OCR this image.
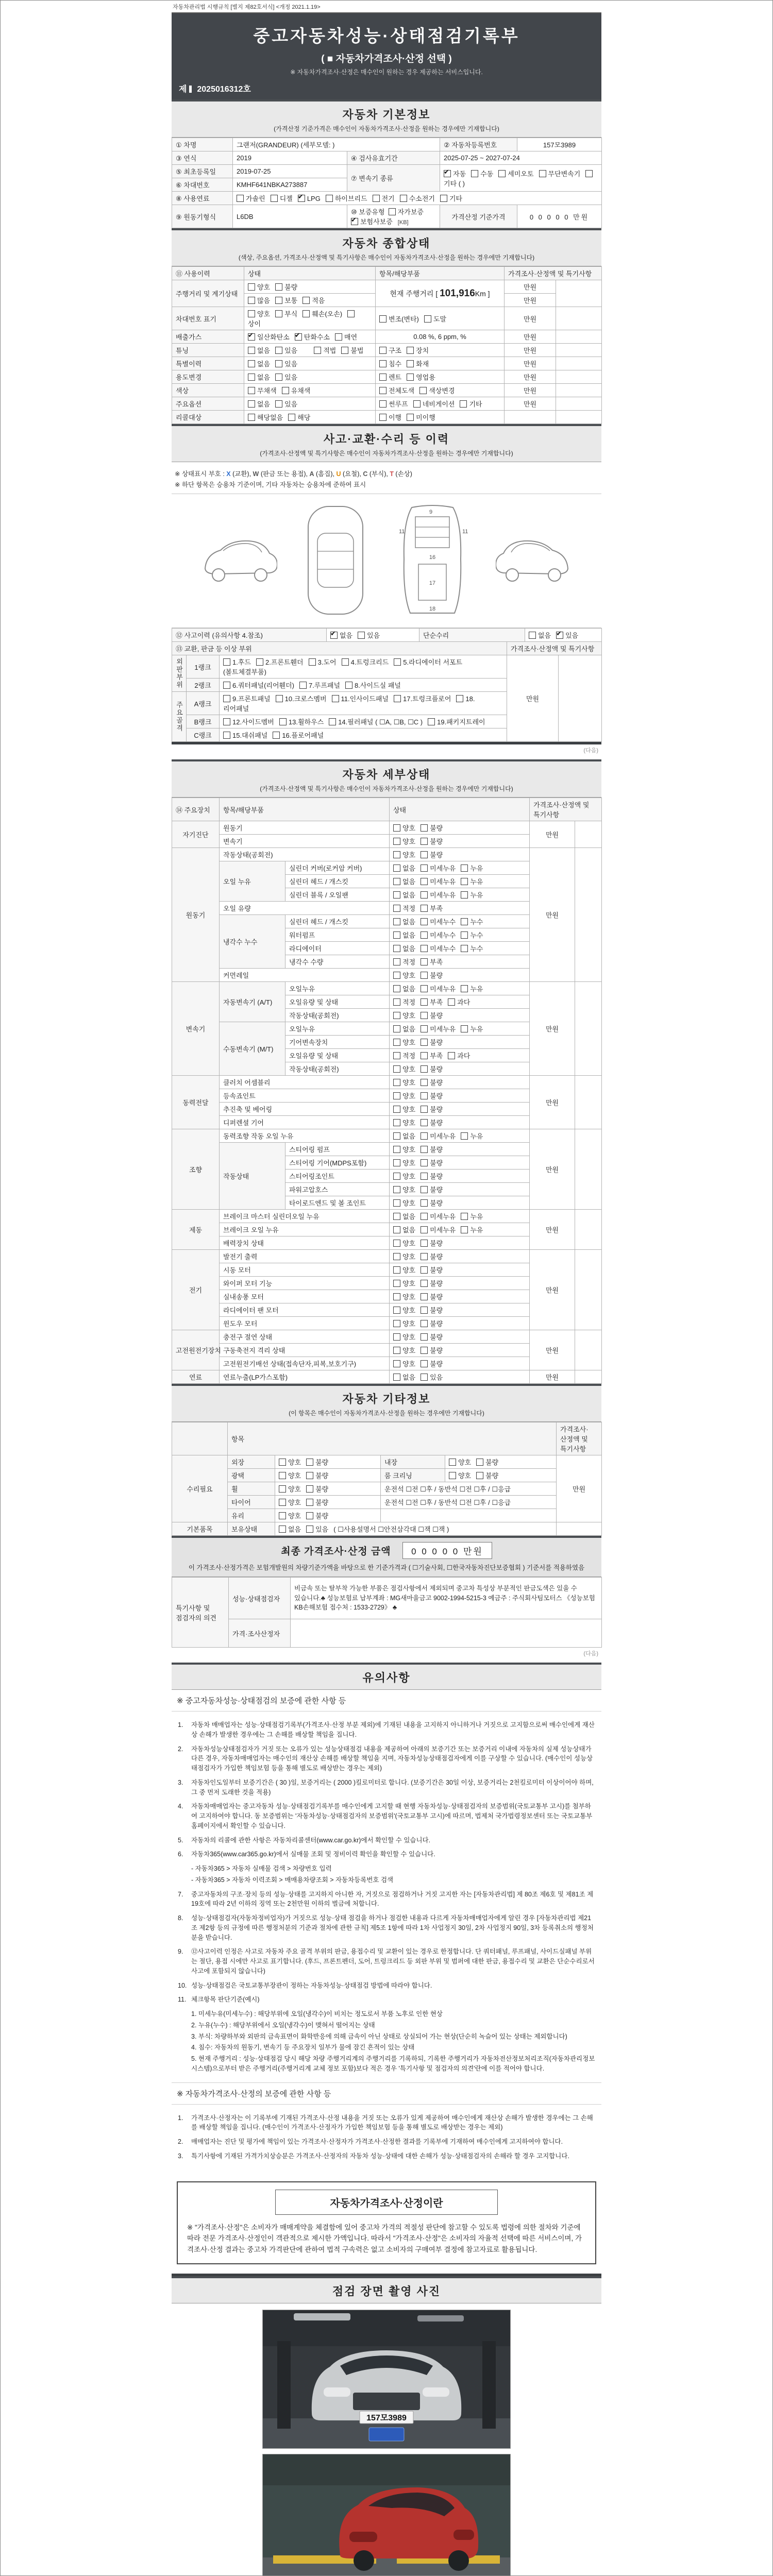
자동차관리법 시행규칙 [별지 제82호서식] <개정 2021.1.19>
중고자동차성능·상태점검기록부
( ■ 자동차가격조사·산정 선택 )
※ 자동차가격조사·산정은 매수인이 원하는 경우 제공하는 서비스입니다.
제 2025016312호
자동차 기본정보
(가격산정 기준가격은 매수인이 자동차가격조사·산정을 원하는 경우에만 기재합니다)
① 차명	그랜저(GRANDEUR) (세부모델: )		② 자동차등록번호	157모3989
③ 연식	2019	④ 검사유효기간	2025-07-25 ~ 2027-07-24	
⑤ 최초등록일	2019-07-25	⑦ 변속기 종류	✔자동 수동 세미오토 무단변속기기타 ( )
⑥ 차대번호	KMHF641NBKA273887			
⑧ 사용연료	가솔린 디젤 ✔ LPG 하이브리드 전기 수소전기 기타
⑨ 원동기형식	L6DB	⑩ 보증유형 자가보증✔보험사보증 [KB]	가격산정 기준가격	0 0 0 0 0 만원
자동차 종합상태
(색상, 주요옵션, 가격조사·산정액 및 특기사항은 매수인이 자동차가격조사·산정을 원하는 경우에만 기재합니다)
⑪ 사용이력	상태	항목/해당부품	가격조사·산정액 및 특기사항	
주행거리 및 계기상태	양호 불량	현재 주행거리 [ 101,916Km ]	만원	
	많음 보통 적음		만원	
차대번호 표기	양호 부식 훼손(오손)상이	변조(변타) 도말	만원	
배출가스	✔일산화탄소 ✔ 탄화수소 매연	0.08 %, 6 ppm, %	만원	
튜닝	없음 있음 적법 불법	구조 장치	만원	
특별이력	없음 있음	침수 화재	만원	
용도변경	없음 있음	렌트 영업용	만원	
색상	무채색 유채색	전체도색 색상변경	만원	
주요옵션	없음 있음	썬루프 네비게이션 기타	만원	
리콜대상	해당없음 해당	이행 미이행		
사고·교환·수리 등 이력
(가격조사·산정액 및 특기사항은 매수인이 자동차가격조사·산정을 원하는 경우에만 기재합니다)
※ 상태표시 부호 : X (교환), W (판금 또는 용접), A (흠집), U (요철), C (부식), T (손상)
※ 하단 항목은 승용차 기준이며, 기타 자동차는 승용차에 준하여 표시
9
11	11
16
17
18
⑫ 사고이력 (유의사항 4.참조)	✔없음 있음	단순수리	없음 ✔ 있음
⑬ 교환, 판금 등 이상 부위			가격조사·산정액 및 특기사항	
외판부위	1랭크	1.후드 2.프론트휀더 3.도어 4.트렁크리드 5.라디에이터 서포트(볼트체결부품)	만원	
	2랭크	6.쿼터패널(리어휀더) 7.루프패널 8.사이드실 패널		
주요골격	A랭크	9.프론트패널 10.크로스멤버 11.인사이드패널 17.트렁크플로어 18.리어패널		
	B랭크	12.사이드멤버 13.휠하우스 14.필러패널 ( ☐A, ☐B, ☐C ) 19.패키지트레이		
	C랭크	15.대쉬패널 16.플로어패널		
(다음)
자동차 세부상태
(가격조사·산정액 및 특기사항은 매수인이 자동차가격조사·산정을 원하는 경우에만 기재합니다)
⑭ 주요장치	항목/해당부품		상태	가격조사·산정액 및 특기사항	
자기진단	원동기		양호 불량	만원	
	변속기		양호 불량		
원동기	작동상태(공회전)		양호 불량	만원	
	오일 누유	실린더 커버(로커암 커버)	없음 미세누유 누유		
		실린더 헤드 / 개스킷	없음 미세누유 누유		
		실린더 블록 / 오일팬	없음 미세누유 누유		
	오일 유량		적정 부족		
	냉각수 누수	실린더 헤드 / 개스킷	없음 미세누수 누수		
		워터펌프	없음 미세누수 누수		
		라디에이터	없음 미세누수 누수		
		냉각수 수량	적정 부족		
	커먼레일		양호 불량		
변속기	자동변속기 (A/T)	오일누유	없음 미세누유 누유	만원	
		오일유량 및 상태	적정 부족 과다		
		작동상태(공회전)	양호 불량		
	수동변속기 (M/T)	오일누유	없음 미세누유 누유		
		기어변속장치	양호 불량		
		오일유량 및 상태	적정 부족 과다		
		작동상태(공회전)	양호 불량		
동력전달	클러치 어셈블리		양호 불량	만원	
	등속죠인트		양호 불량		
	추진축 및 베어링		양호 불량		
	디퍼렌셜 기어		양호 불량		
조향	동력조향 작동 오일 누유		없음 미세누유 누유	만원	
	작동상태	스티어링 펌프	양호 불량		
		스티어링 기어(MDPS포함)	양호 불량		
		스티어링조인트	양호 불량		
		파워고압호스	양호 불량		
		타이로드엔드 및 볼 조인트	양호 불량		
제동	브레이크 마스터 실린더오일 누유		없음 미세누유 누유	만원	
	브레이크 오일 누유		없음 미세누유 누유		
	배력장치 상태		양호 불량		
전기	발전기 출력		양호 불량	만원	
	시동 모터		양호 불량		
	와이퍼 모터 기능		양호 불량		
	실내송풍 모터		양호 불량		
	라디에이터 팬 모터		양호 불량		
	윈도우 모터		양호 불량		
고전원전기장치	충전구 절연 상태		양호 불량	만원	
	구동축전지 격리 상태		양호 불량		
	고전원전기배선 상태(접속단자,피복,보호기구)		양호 불량		
연료	연료누출(LP가스포함)		없음 있음	만원	
자동차 기타정보
(이 항목은 매수인이 자동차가격조사·산정을 원하는 경우에만 기재합니다)
	항목				가격조사·산정액 및 특기사항
수리필요	외장	양호 불량	내장	양호 불량	만원
	광택	양호 불량	룸 크리닝	양호 불량	
	휠	양호 불량	운전석 ☐전 ☐후 / 동반석 ☐전 ☐후 / ☐응급		
	타이어	양호 불량	운전석 ☐전 ☐후 / 동반석 ☐전 ☐후 / ☐응급		
	유리	양호 불량			
기본품목	보유상태	없음 있음 ( ☐사용설명서 ☐안전삼각대 ☐잭 ☐잭 )			
최종 가격조사·산정 금액 0 0 0 0 0 만원
이 가격조사·산정가격은 보험개발원의 차량기준가액을 바탕으로 한 기준가격과 ( ☐기술사회, ☐한국자동차진단보증협회 ) 기준서를 적용하였음
특기사항 및 점검자의 의견	성능·상태점검자	비금속 또는 탈부착 가능한 부품은 점검사항에서 제외되며 중고차 특성상 부분적인 판금도색은 있을 수 있습니다.♣ 성능보험료 납부계좌 : MG새마을금고 9002-1994-5215-3 예금주 : 주식회사팀모터스 《성능보험 KB손해보험 접수처 : 1533-2729》 ♣
	가격·조사산정자	
(다음)
유의사항
※ 중고자동차성능·상태점검의 보증에 관한 사항 등
1.	자동차 매매업자는 성능·상태점검기록부(가격조사·산정 부분 제외)에 기재된 내용을 고지하지 아니하거나 거짓으로 고지함으로써 매수인에게 재산상 손해가 발생한 경우에는 그 손해를 배상할 책임을 집니다.
2.	자동차성능상태점검자가 거짓 또는 오류가 있는 성능상태점검 내용을 제공하여 아래의 보증기간 또는 보증거리 이내에 자동차의 실제 성능상태가 다른 경우, 자동차매매업자는 매수인의 재산상 손해를 배상할 책임을 지며, 자동차성능상태점검자에게 이를 구상할 수 있습니다. (매수인이 성능상태점검자가 가입한 책임보험 등을 통해 별도로 배상받는 경우는 제외)
3.	자동차인도일부터 보증기간은 ( 30 )일, 보증거리는 ( 2000 )킬로미터로 합니다. (보증기간은 30일 이상, 보증거리는 2천킬로미터 이상이어야 하며, 그 중 먼저 도래한 것을 적용)
4.	자동차매매업자는 중고자동차 성능·상태점검기록부를 매수인에게 고지할 때 현행 자동차성능·상태점검자의 보증범위(국토교통부 고시)를 첨부하여 고지하여야 합니다. 동 보증범위는 '자동차성능·상태점검자의 보증범위'(국토교통부 고시)에 따르며, 법제처 국가법령정보센터 또는 국토교통부 홈페이지에서 확인할 수 있습니다.
5.	자동차의 리콜에 관한 사항은 자동차리콜센터(www.car.go.kr)에서 확인할 수 있습니다.
6.	자동차365(www.car365.go.kr)에서 실매물 조회 및 정비이력 확인을 확인할 수 있습니다.
- 자동차365 > 자동차 실매물 검색 > 차량번호 입력
- 자동차365 > 자동차 이력조회 > 매매용차량조회 > 자동차등록번호 검색
7.	중고자동차의 구조·장치 등의 성능·상태를 고지하지 아니한 자, 거짓으로 점검하거나 거짓 고지한 자는 [자동차관리법] 제 80조 제6호 및 제81조 제19호에 따라 2년 이하의 징역 또는 2천만원 이하의 벌금에 처합니다.
8.	성능·상태점검자(자동차정비업자)가 거짓으로 성능·상태 점검을 하거나 점검한 내용과 다르게 자동차매매업자에게 알린 경우 [자동차관리법 제21조 제2항 등의 규정에 따른 행정처분의 기준과 절차에 관한 규칙] 제5조 1항에 따라 1차 사업정지 30일, 2차 사업정지 90일, 3차 등록취소의 행정처분을 받습니다.
9.	⑫사고이력 인정은 사고로 자동차 주요 골격 부위의 판금, 용접수리 및 교환이 있는 경우로 한정합니다. 단 쿼터패널, 루프패널, 사이드실패널 부위는 절단, 용접 시에만 사고로 표기합니다. (후드, 프론트펜더, 도어, 트렁크리드 등 외판 부위 및 범퍼에 대한 판금, 용접수리 및 교환은 단순수리로서 사고에 포함되지 않습니다)
10. 성능·상태점검은 국토교통부장관이 정하는 자동차성능·상태점검 방법에 따라야 합니다.
11. 체크항목 판단기준(예시)
1. 미세누유(미세누수) : 해당부위에 오일(냉각수)이 비치는 정도로서 부품 노후로 인한 현상
2. 누유(누수) : 해당부위에서 오일(냉각수)이 맺혀서 떨어지는 상태
3. 부식: 차량하부와 외판의 금속표면이 화학반응에 의해 금속이 아닌 상태로 상실되어 가는 현상(단순히 녹슬어 있는 상태는 제외합니다)
4. 침수: 자동차의 원동기, 변속기 등 주요장치 일부가 물에 잠긴 흔적이 있는 상태
5. 현재 주행거리 : 성능·상태점검 당시 해당 차량 주행거리계의 주행거리를 기록하되, 기록한 주행거리가 자동차전산정보처리조직(자동차관리정보시스템)으로부터 받은 주행거리(주행거리계 교체 정보 포함)보다 적은 경우 '특기사항 및 점검자의 의견'란에 이를 적어야 합니다.
※ 자동차가격조사·산정의 보증에 관한 사항 등
1.	가격조사·산정자는 이 기록부에 기재된 가격조사·산정 내용을 거짓 또는 오류가 있게 제공하여 매수인에게 재산상 손해가 발생한 경우에는 그 손해를 배상할 책임을 집니다. (매수인이 가격조사·산정자가 가입한 책임보험 등을 통해 별도로 배상받는 경우는 제외)
2.	매매업자는 진단 및 평가에 책임이 있는 가격조사·산정자가 가격조사·산정한 결과를 기록부에 기재하여 매수인에게 고지하여야 합니다.
3.	특기사항에 기재된 가격가치상승분은 가격조사·산정자의 자동차 성능·상태에 대한 손해가 성능·상태점검자의 손해라 할 경우 고지합니다.
자동차가격조사·산정이란
※ "가격조사·산정"은 소비자가 매매계약을 체결함에 있어 중고차 가격의 적절성 판단에 참고할 수 있도록 법령에 의한 절차와 기준에 따라 전문 가격조사·산정인이 객관적으로 제시한 가액입니다. 따라서 "가격조사·산정"은 소비자의 자율적 선택에 따른 서비스이며, 가격조사·산정 결과는 중고차 가격판단에 관하여 법적 구속력은 없고 소비자의 구매여부 결정에 참고자료로 활용됩니다.
점검 장면 촬영 사진
157모3989
